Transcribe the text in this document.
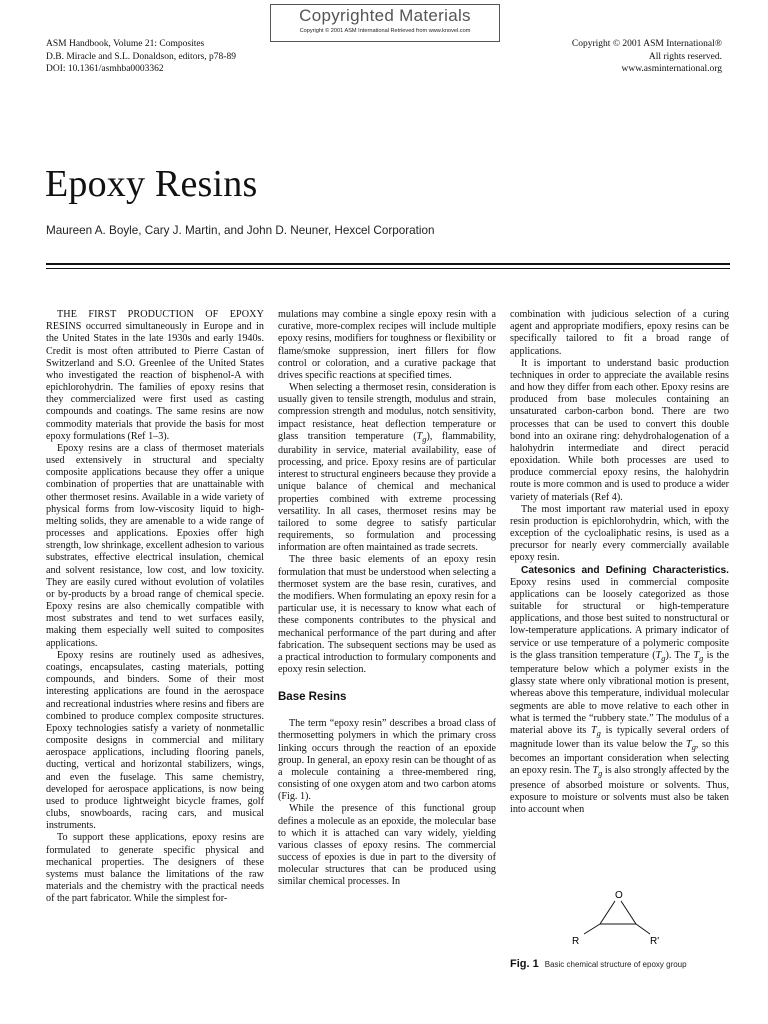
Copyrighted Materials
Copyright © 2001 ASM International Retrieved from www.knovel.com
ASM Handbook, Volume 21: Composites
D.B. Miracle and S.L. Donaldson, editors, p78-89
DOI: 10.1361/asmhba0003362
Copyright © 2001 ASM International®
All rights reserved.
www.asminternational.org
Epoxy Resins
Maureen A. Boyle, Cary J. Martin, and John D. Neuner, Hexcel Corporation

THE FIRST PRODUCTION OF EPOXY RESINS occurred simultaneously in Europe and in the United States in the late 1930s and early 1940s. Credit is most often attributed to Pierre Castan of Switzerland and S.O. Greenlee of the United States who investigated the reaction of bisphenol-A with epichlorohydrin. The families of epoxy resins that they commercialized were first used as casting compounds and coatings. The same resins are now commodity materials that provide the basis for most epoxy formulations (Ref 1–3).

Epoxy resins are a class of thermoset materials used extensively in structural and specialty composite applications because they offer a unique combination of properties that are unattainable with other thermoset resins. Available in a wide variety of physical forms from low-viscosity liquid to high-melting solids, they are amenable to a wide range of processes and applications. Epoxies offer high strength, low shrinkage, excellent adhesion to various substrates, effective electrical insulation, chemical and solvent resistance, low cost, and low toxicity. They are easily cured without evolution of volatiles or by-products by a broad range of chemical specie. Epoxy resins are also chemically compatible with most substrates and tend to wet surfaces easily, making them especially well suited to composites applications.

Epoxy resins are routinely used as adhesives, coatings, encapsulates, casting materials, potting compounds, and binders. Some of their most interesting applications are found in the aerospace and recreational industries where resins and fibers are combined to produce complex composite structures. Epoxy technologies satisfy a variety of nonmetallic composite designs in commercial and military aerospace applications, including flooring panels, ducting, vertical and horizontal stabilizers, wings, and even the fuselage. This same chemistry, developed for aerospace applications, is now being used to produce lightweight bicycle frames, golf clubs, snowboards, racing cars, and musical instruments.

To support these applications, epoxy resins are formulated to generate specific physical and mechanical properties. The designers of these systems must balance the limitations of the raw materials and the chemistry with the practical needs of the part fabricator. While the simplest for-

mulations may combine a single epoxy resin with a curative, more-complex recipes will include multiple epoxy resins, modifiers for toughness or flexibility or flame/smoke suppression, inert fillers for flow control or coloration, and a curative package that drives specific reactions at specified times.

When selecting a thermoset resin, consideration is usually given to tensile strength, modulus and strain, compression strength and modulus, notch sensitivity, impact resistance, heat deflection temperature or glass transition temperature $(T_g)$, flammability, durability in service, material availability, ease of processing, and price. Epoxy resins are of particular interest to structural engineers because they provide a unique balance of chemical and mechanical properties combined with extreme processing versatility. In all cases, thermoset resins may be tailored to some degree to satisfy particular requirements, so formulation and processing information are often maintained as trade secrets.

The three basic elements of an epoxy resin formulation that must be understood when selecting a thermoset system are the base resin, curatives, and the modifiers. When formulating an epoxy resin for a particular use, it is necessary to know what each of these components contributes to the physical and mechanical performance of the part during and after fabrication. The subsequent sections may be used as a practical introduction to formulary components and epoxy resin selection.

Base Resins

The term “epoxy resin” describes a broad class of thermosetting polymers in which the primary cross linking occurs through the reaction of an epoxide group. In general, an epoxy resin can be thought of as a molecule containing a three-membered ring, consisting of one oxygen atom and two carbon atoms (Fig. 1).

While the presence of this functional group defines a molecule as an epoxide, the molecular base to which it is attached can vary widely, yielding various classes of epoxy resins. The commercial success of epoxies is due in part to the diversity of molecular structures that can be produced using similar chemical processes. In

combination with judicious selection of a curing agent and appropriate modifiers, epoxy resins can be specifically tailored to fit a broad range of applications.

It is important to understand basic production techniques in order to appreciate the available resins and how they differ from each other. Epoxy resins are produced from base molecules containing an unsaturated carbon-carbon bond. There are two processes that can be used to convert this double bond into an oxirane ring: dehydrohalogenation of a halohydrin intermediate and direct peracid epoxidation. While both processes are used to produce commercial epoxy resins, the halohydrin route is more common and is used to produce a wider variety of materials (Ref 4).

The most important raw material used in epoxy resin production is epichlorohydrin, which, with the exception of the cycloaliphatic resins, is used as a precursor for nearly every commercially available epoxy resin.

Catesonics and Defining Characteristics. Epoxy resins used in commercial composite applications can be loosely categorized as those suitable for structural or high-temperature applications, and those best suited to nonstructural or low-temperature applications. A primary indicator of service or use temperature of a polymeric composite is the glass transition temperature $(T_g)$. The $T_g$ is the temperature below which a polymer exists in the glassy state where only vibrational motion is present, whereas above this temperature, individual molecular segments are able to move relative to each other in what is termed the “rubbery state.” The modulus of a material above its $T_g$ is typically several orders of magnitude lower than its value below the $T_g$, so this becomes an important consideration when selecting an epoxy resin. The $T_g$ is also strongly affected by the presence of absorbed moisture or solvents. Thus, exposure to moisture or solvents must also be taken into account when

O
R	R'
Fig. 1 Basic chemical structure of epoxy group
